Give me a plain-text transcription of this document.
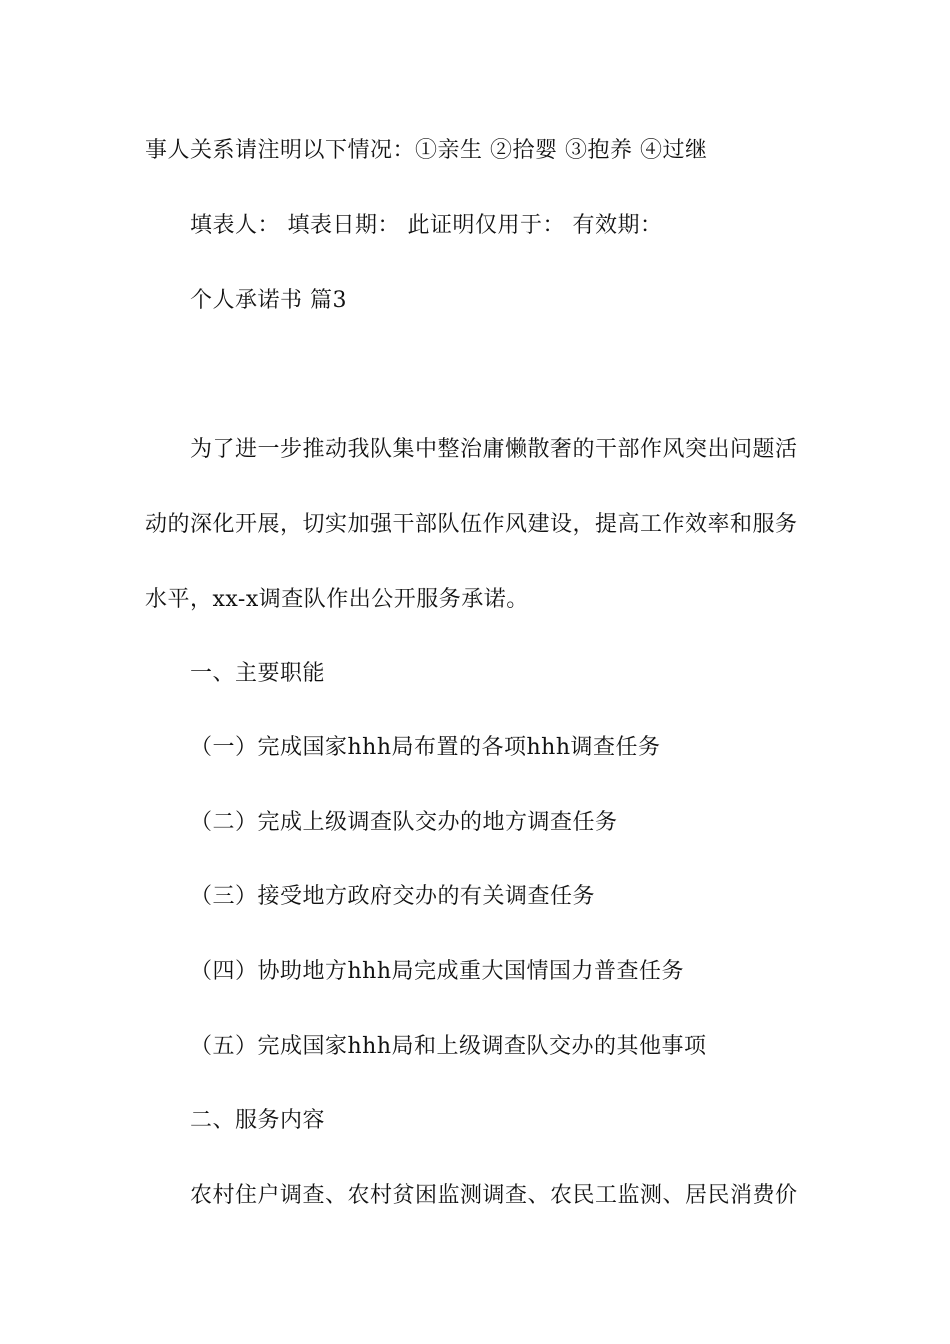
事人关系请注明以下情况：①亲生 ②拾婴 ③抱养 ④过继
填表人： 填表日期： 此证明仅用于： 有效期：
个人承诺书 篇3
为了进一步推动我队集中整治庸懒散奢的干部作风突出问题活
动的深化开展，切实加强干部队伍作风建设，提高工作效率和服务
水平，xx-x调查队作出公开服务承诺。
一、主要职能
（一）完成国家hhh局布置的各项hhh调查任务
（二）完成上级调查队交办的地方调查任务
（三）接受地方政府交办的有关调查任务
（四）协助地方hhh局完成重大国情国力普查任务
（五）完成国家hhh局和上级调查队交办的其他事项
二、服务内容
农村住户调查、农村贫困监测调查、农民工监测、居民消费价
